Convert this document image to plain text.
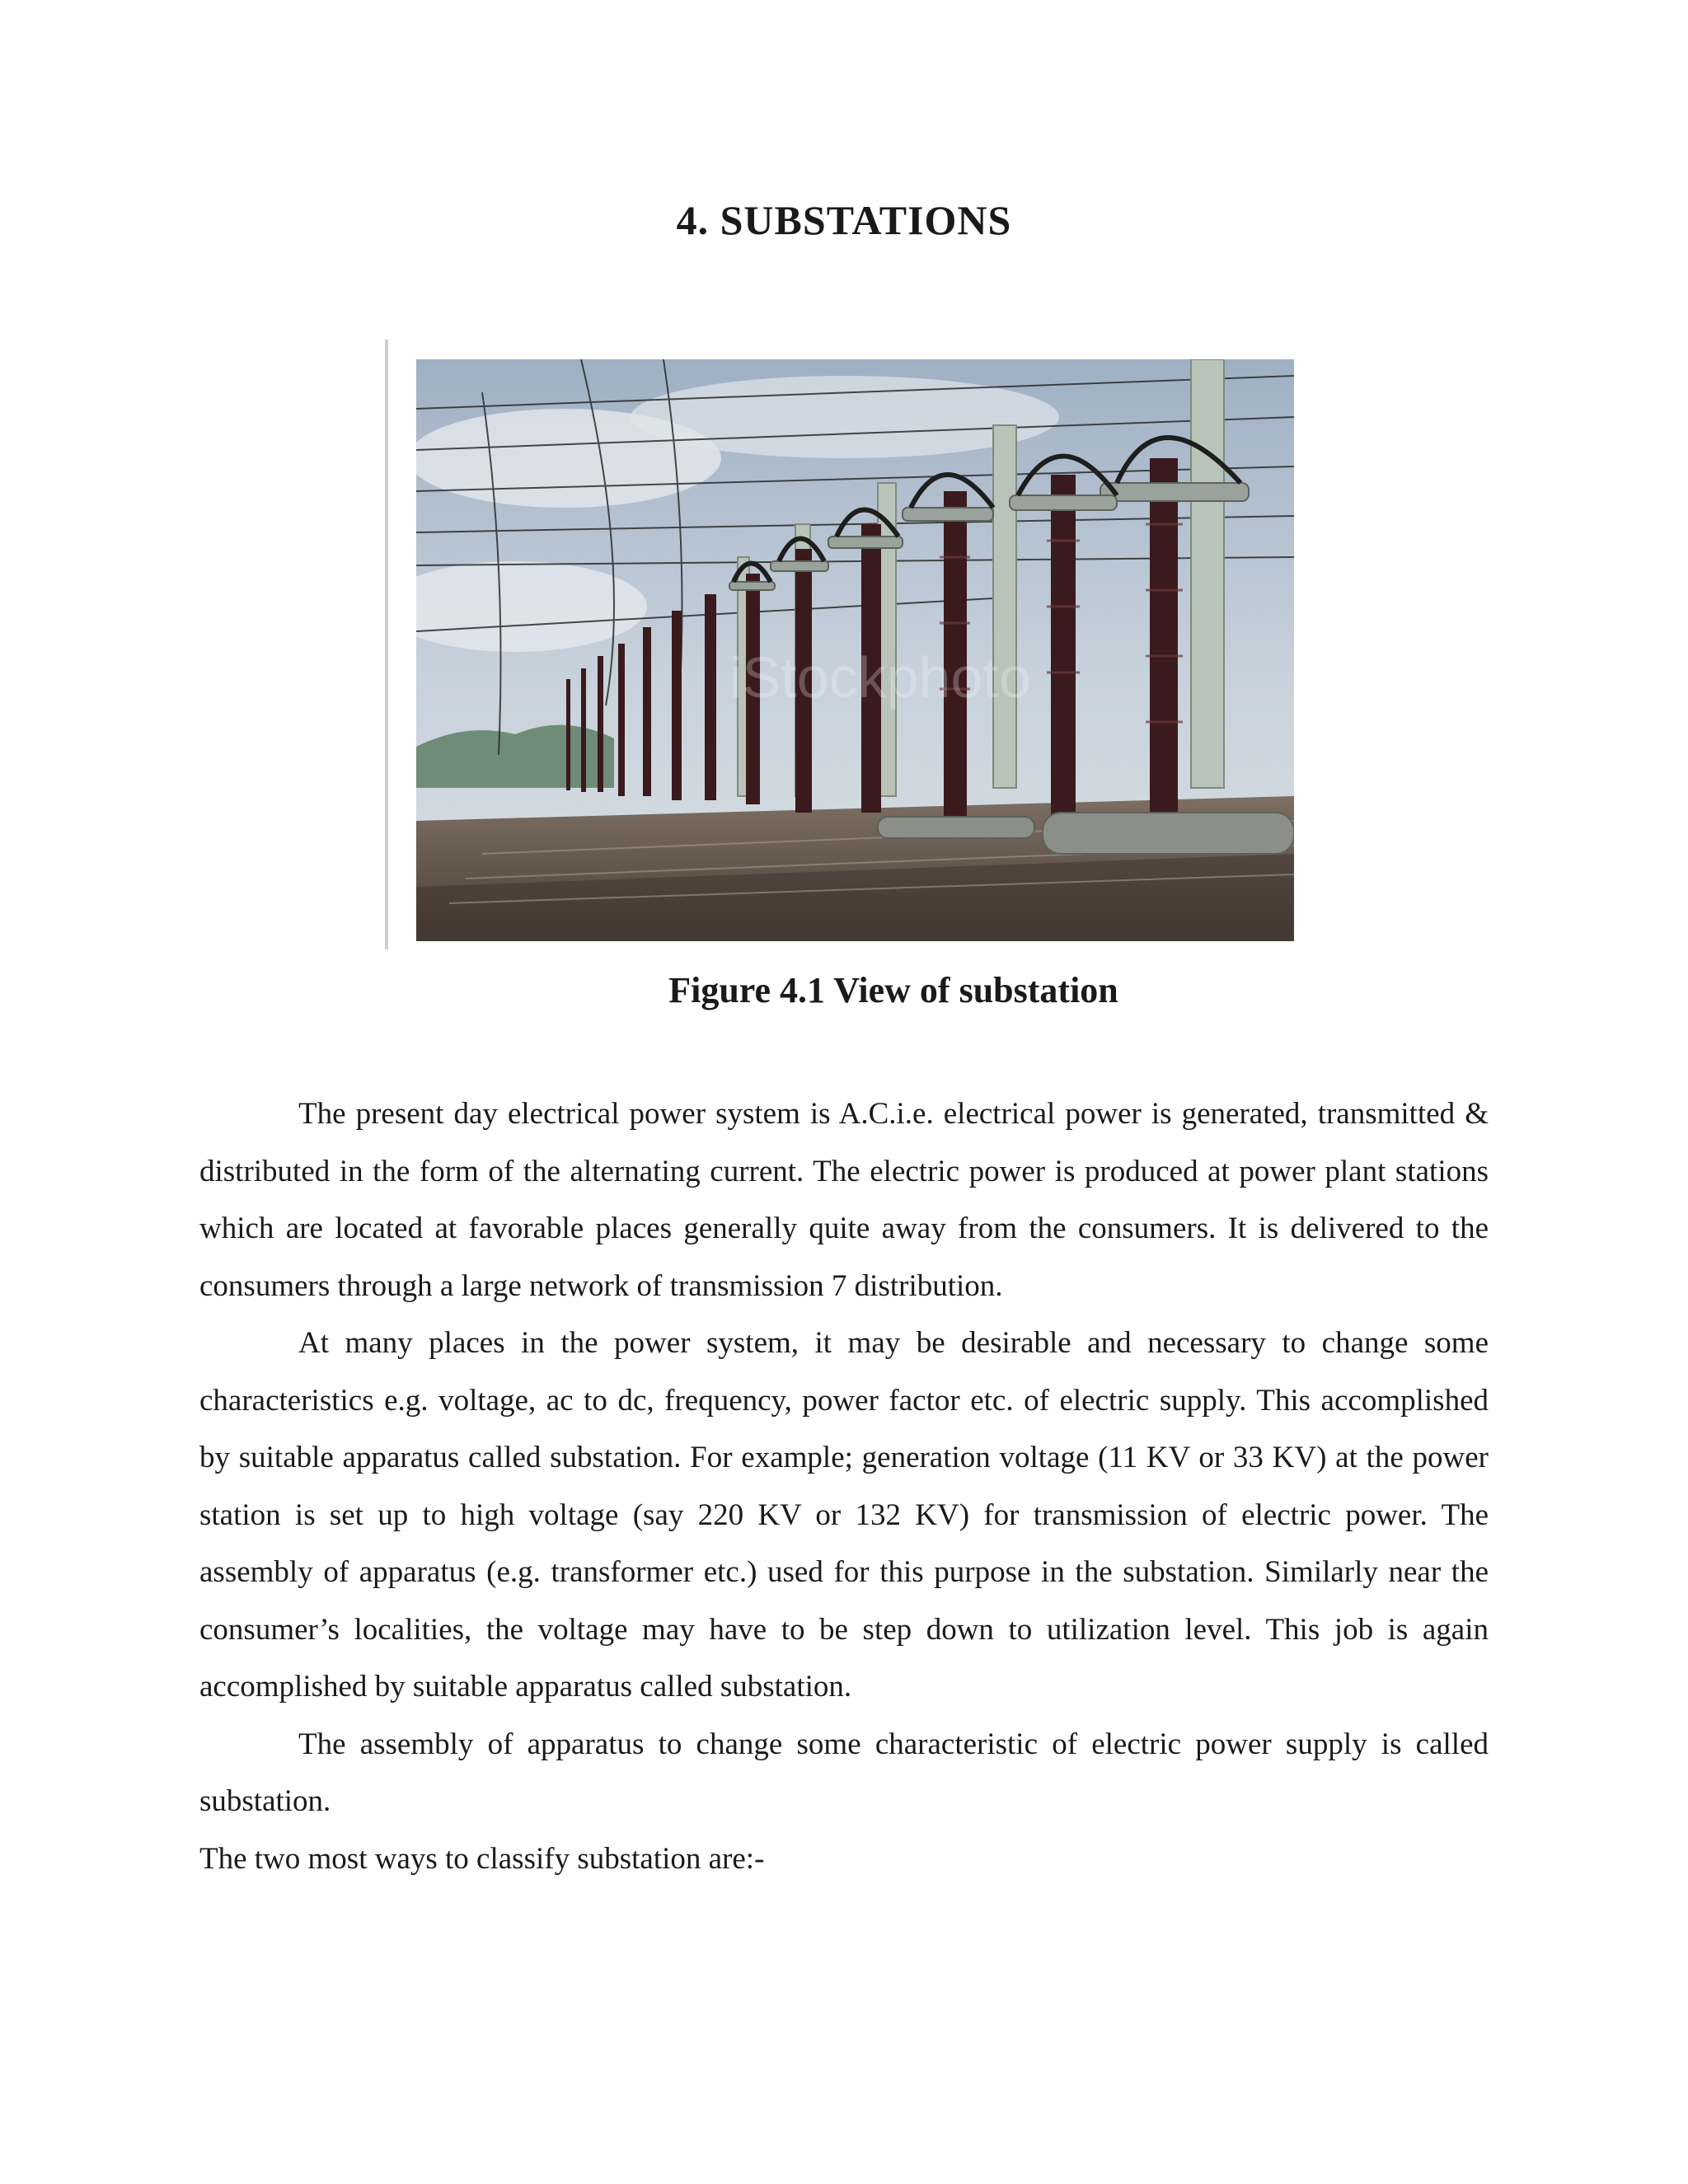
4. SUBSTATIONS
iStockphoto

Figure 4.1 View of substation

The present day electrical power system is A.C.i.e. electrical power is generated, transmitted & distributed in the form of the alternating current. The electric power is produced at power plant stations which are located at favorable places generally quite away from the consumers. It is delivered to the consumers through a large network of transmission 7 distribution.

At many places in the power system, it may be desirable and necessary to change some characteristics e.g. voltage, ac to dc, frequency, power factor etc. of electric supply. This accomplished by suitable apparatus called substation. For example; generation voltage (11 KV or 33 KV) at the power station is set up to high voltage (say 220 KV or 132 KV) for transmission of electric power. The assembly of apparatus (e.g. transformer etc.) used for this purpose in the substation. Similarly near the consumer’s localities, the voltage may have to be step down to utilization level. This job is again accomplished by suitable apparatus called substation.

The assembly of apparatus to change some characteristic of electric power supply is called substation.

The two most ways to classify substation are:-
